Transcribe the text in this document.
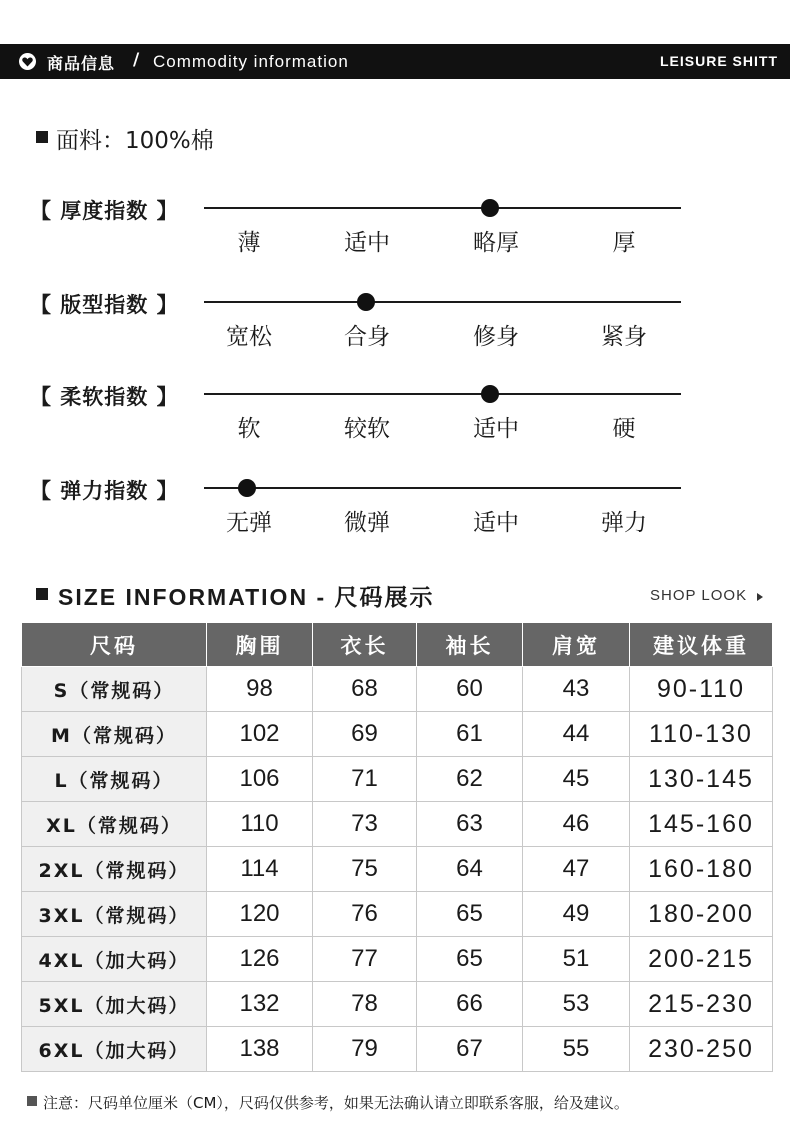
商品信息 / Commodity information	LEISURE SHITT
面料：100%棉
【 厚度指数 】
薄	适中	略厚	厚
【 版型指数 】
宽松	合身	修身	紧身
【 柔软指数 】
软	较软	适中	硬
【 弹力指数 】
无弹	微弹	适中	弹力
SIZE INFORMATION - 尺码展示	SHOP LOOK
尺码	胸围	衣长	袖长	肩宽	建议体重
S（常规码）	98	68	60	43	90-110
M（常规码）	102	69	61	44	110-130
L（常规码）	106	71	62	45	130-145
XL（常规码）	110	73	63	46	145-160
2XL（常规码）	114	75	64	47	160-180
3XL（常规码）	120	76	65	49	180-200
4XL（加大码）	126	77	65	51	200-215
5XL（加大码）	132	78	66	53	215-230
6XL（加大码）	138	79	67	55	230-250
注意：尺码单位厘米（CM），尺码仅供参考，如果无法确认请立即联系客服，给及建议。
